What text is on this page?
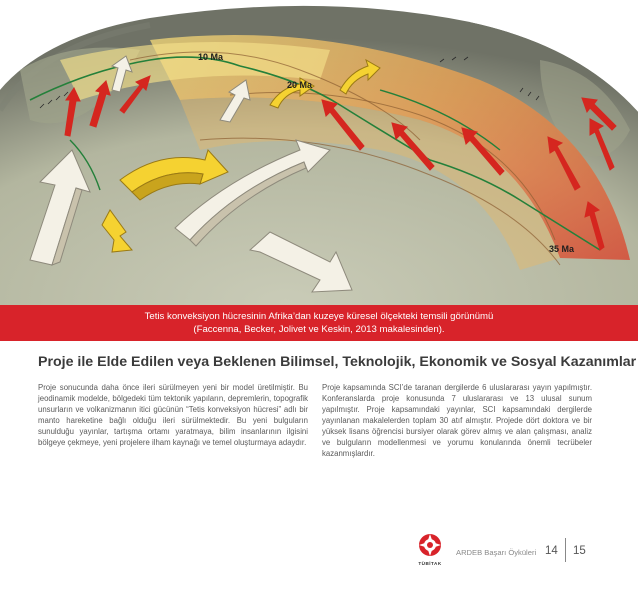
10 Ma
20 Ma
35 Ma
Tetis konveksiyon hücresinin Afrika’dan kuzeye küresel ölçekteki temsili görünümü
(Faccenna, Becker, Jolivet ve Keskin, 2013 makalesinden).
Proje ile Elde Edilen veya Beklenen Bilimsel, Teknolojik, Ekonomik ve Sosyal Kazanımlar

Proje sonucunda daha önce ileri sürülmeyen yeni bir model üretilmiştir. Bu jeodinamik modelde, bölgedeki tüm tektonik yapıların, depremlerin, topografik unsurların ve volkanizmanın itici gücünün “Tetis konveksiyon hücresi” adlı bir manto hareketine bağlı olduğu ileri sürülmektedir. Bu yeni bulguların sunulduğu yayınlar, tartışma ortamı yaratmaya, bilim insanlarının ilgisini bölgeye çekmeye, yeni projelere ilham kaynağı ve temel oluşturmaya adaydır.

Proje kapsamında SCI’de taranan dergilerde 6 uluslararası yayın yapılmıştır. Konferanslarda proje konusunda 7 uluslararası ve 13 ulusal sunum yapılmıştır. Proje kapsamındaki yayınlar, SCI kapsamındaki dergilerde yayınlanan makalelerden toplam 30 atıf almıştır. Projede dört doktora ve bir yüksek lisans öğrencisi bursiyer olarak görev almış ve alan çalışması, analiz ve bulguların modellenmesi ve yorumu konularında önemli tecrübeler kazanmışlardır.

TÜBİTAK
ARDEB Başarı Öyküleri 14 15
